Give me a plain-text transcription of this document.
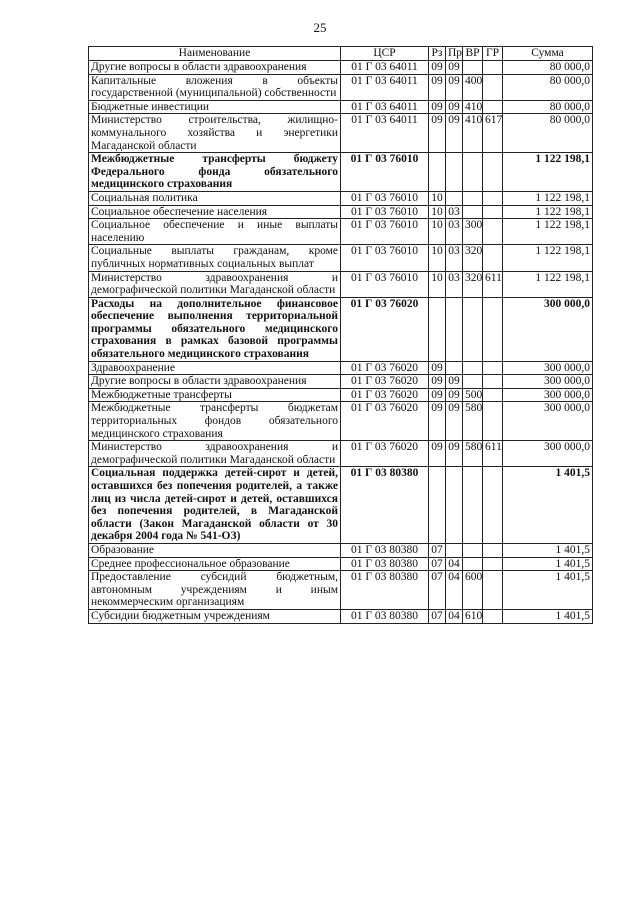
25
Наименование	ЦСР	Рз	Пр	ВР	ГР	Сумма
Другие вопросы в области здравоохранения	01 Г 03 64011	09	09			80 000,0
Капитальные вложения в объекты государственной (муниципальной) собственности	01 Г 03 64011	09	09	400		80 000,0
Бюджетные инвестиции	01 Г 03 64011	09	09	410		80 000,0
Министерство строительства, жилищно-коммунального хозяйства и энергетики Магаданской области	01 Г 03 64011	09	09	410	617	80 000,0
Межбюджетные трансферты бюджету Федерального фонда обязательного медицинского страхования	01 Г 03 76010					1 122 198,1
Социальная политика	01 Г 03 76010	10				1 122 198,1
Социальное обеспечение населения	01 Г 03 76010	10	03			1 122 198,1
Социальное обеспечение и иные выплаты населению	01 Г 03 76010	10	03	300		1 122 198,1
Социальные выплаты гражданам, кроме публичных нормативных социальных выплат	01 Г 03 76010	10	03	320		1 122 198,1
Министерство здравоохранения и демографической политики Магаданской области	01 Г 03 76010	10	03	320	611	1 122 198,1
Расходы на дополнительное финансовое обеспечение выполнения территориальной программы обязательного медицинского страхования в рамках базовой программы обязательного медицинского страхования	01 Г 03 76020					300 000,0
Здравоохранение	01 Г 03 76020	09				300 000,0
Другие вопросы в области здравоохранения	01 Г 03 76020	09	09			300 000,0
Межбюджетные трансферты	01 Г 03 76020	09	09	500		300 000,0
Межбюджетные трансферты бюджетам территориальных фондов обязательного медицинского страхования	01 Г 03 76020	09	09	580		300 000,0
Министерство здравоохранения и демографической политики Магаданской области	01 Г 03 76020	09	09	580	611	300 000,0
Социальная поддержка детей-сирот и детей, оставшихся без попечения родителей, а также лиц из числа детей-сирот и детей, оставшихся без попечения родителей, в Магаданской области (Закон Магаданской области от 30 декабря 2004 года № 541-ОЗ)	01 Г 03 80380					1 401,5
Образование	01 Г 03 80380	07				1 401,5
Среднее профессиональное образование	01 Г 03 80380	07	04			1 401,5
Предоставление субсидий бюджетным, автономным учреждениям и иным некоммерческим организациям	01 Г 03 80380	07	04	600		1 401,5
Субсидии бюджетным учреждениям	01 Г 03 80380	07	04	610		1 401,5
